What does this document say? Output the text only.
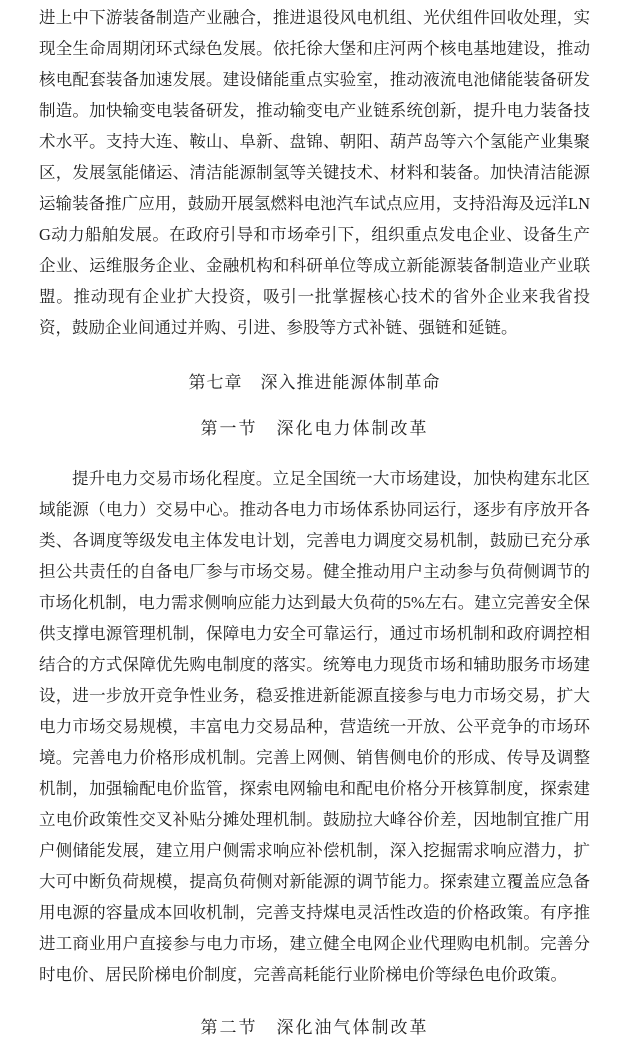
进上中下游装备制造产业融合，推进退役风电机组、光伏组件回收处理，实现全生命周期闭环式绿色发展。依托徐大堡和庄河两个核电基地建设，推动核电配套装备加速发展。建设储能重点实验室，推动液流电池储能装备研发制造。加快输变电装备研发，推动输变电产业链系统创新，提升电力装备技术水平。支持大连、鞍山、阜新、盘锦、朝阳、葫芦岛等六个氢能产业集聚区，发展氢能储运、清洁能源制氢等关键技术、材料和装备。加快清洁能源运输装备推广应用，鼓励开展氢燃料电池汽车试点应用，支持沿海及远洋LNG动力船舶发展。在政府引导和市场牵引下，组织重点发电企业、设备生产企业、运维服务企业、金融机构和科研单位等成立新能源装备制造业产业联盟。推动现有企业扩大投资，吸引一批掌握核心技术的省外企业来我省投资，鼓励企业间通过并购、引进、参股等方式补链、强链和延链。

第七章　深入推进能源体制革命
第一节　深化电力体制改革

提升电力交易市场化程度。立足全国统一大市场建设，加快构建东北区域能源（电力）交易中心。推动各电力市场体系协同运行，逐步有序放开各类、各调度等级发电主体发电计划，完善电力调度交易机制，鼓励已充分承担公共责任的自备电厂参与市场交易。健全推动用户主动参与负荷侧调节的市场化机制，电力需求侧响应能力达到最大负荷的5%左右。建立完善安全保供支撑电源管理机制，保障电力安全可靠运行，通过市场机制和政府调控相结合的方式保障优先购电制度的落实。统筹电力现货市场和辅助服务市场建设，进一步放开竞争性业务，稳妥推进新能源直接参与电力市场交易，扩大电力市场交易规模，丰富电力交易品种，营造统一开放、公平竞争的市场环境。完善电力价格形成机制。完善上网侧、销售侧电价的形成、传导及调整机制，加强输配电价监管，探索电网输电和配电价格分开核算制度，探索建立电价政策性交叉补贴分摊处理机制。鼓励拉大峰谷价差，因地制宜推广用户侧储能发展，建立用户侧需求响应补偿机制，深入挖掘需求响应潜力，扩大可中断负荷规模，提高负荷侧对新能源的调节能力。探索建立覆盖应急备用电源的容量成本回收机制，完善支持煤电灵活性改造的价格政策。有序推进工商业用户直接参与电力市场，建立健全电网企业代理购电机制。完善分时电价、居民阶梯电价制度，完善高耗能行业阶梯电价等绿色电价政策。

第二节　深化油气体制改革
